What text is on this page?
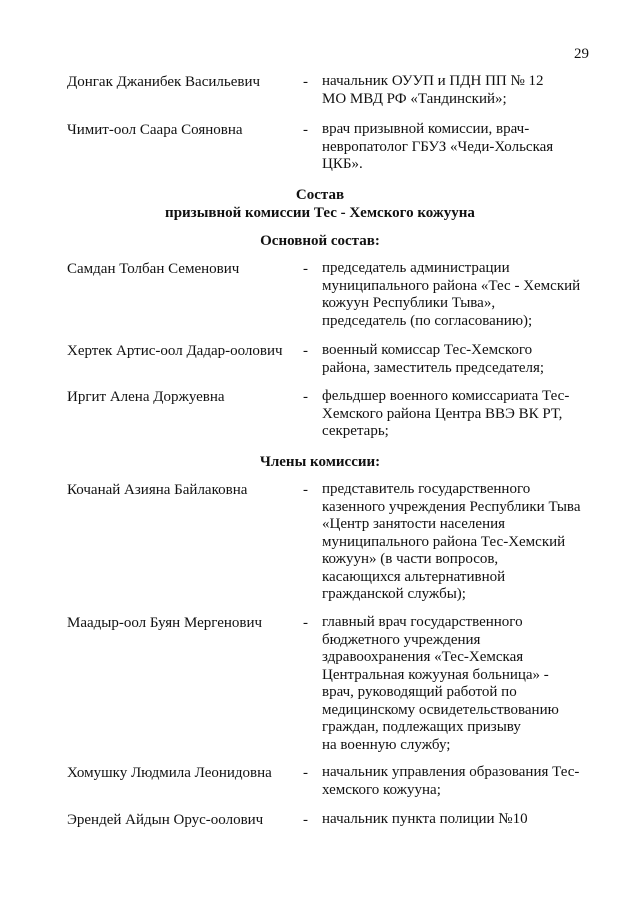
29
Донгак Джанибек Васильевич	- начальник ОУУП и ПДН ПП № 12
МО МВД РФ «Тандинский»;
Чимит-оол Саара Сояновна	- врач призывной комиссии, врач-
невропатолог ГБУЗ «Чеди-Хольская
ЦКБ».
Состав
призывной комиссии Тес - Хемского кожууна
Основной состав:
Самдан Толбан Семенович	- председатель администрации
муниципального района «Тес - Хемский
кожуун Республики Тыва»,
председатель (по согласованию);
Хертек Артис-оол Дадар-оолович	- военный комиссар Тес-Хемского
района, заместитель председателя;
Иргит Алена Доржуевна	- фельдшер военного комиссариата Тес-
Хемского района Центра ВВЭ ВК РТ,
секретарь;
Члены комиссии:
Кочанай Азияна Байлаковна	- представитель государственного
казенного учреждения Республики Тыва
«Центр занятости населения
муниципального района Тес-Хемский
кожуун» (в части вопросов,
касающихся альтернативной
гражданской службы);
Маадыр-оол Буян Мергенович	- главный врач государственного
бюджетного учреждения
здравоохранения «Тес-Хемская
Центральная кожууная больница» -
врач, руководящий работой по
медицинскому освидетельствованию
граждан, подлежащих призыву
на военную службу;
Хомушку Людмила Леонидовна	- начальник управления образования Тес-
хемского кожууна;
Эрендей Айдын Орус-оолович	- начальник пункта полиции №10
